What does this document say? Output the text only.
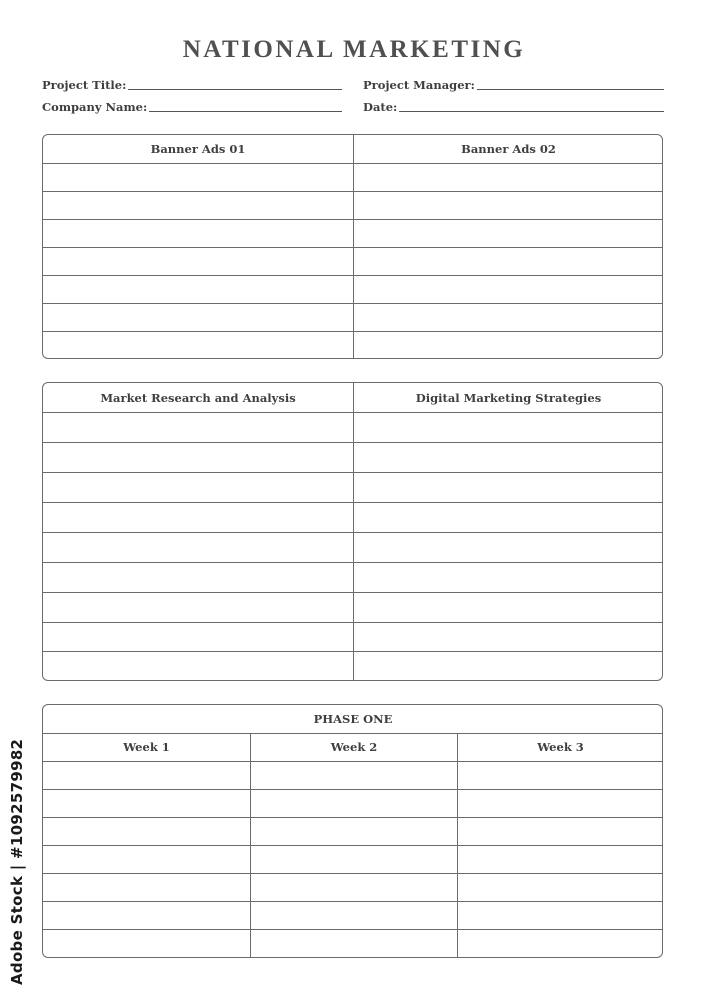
NATIONAL MARKETING
Project Title:	Project Manager:
Company Name:	Date:
Banner Ads 01	Banner Ads 02
Market Research and Analysis	Digital Marketing Strategies
PHASE ONE
Week 1	Week 2	Week 3
Adobe Stock | #1092579982
